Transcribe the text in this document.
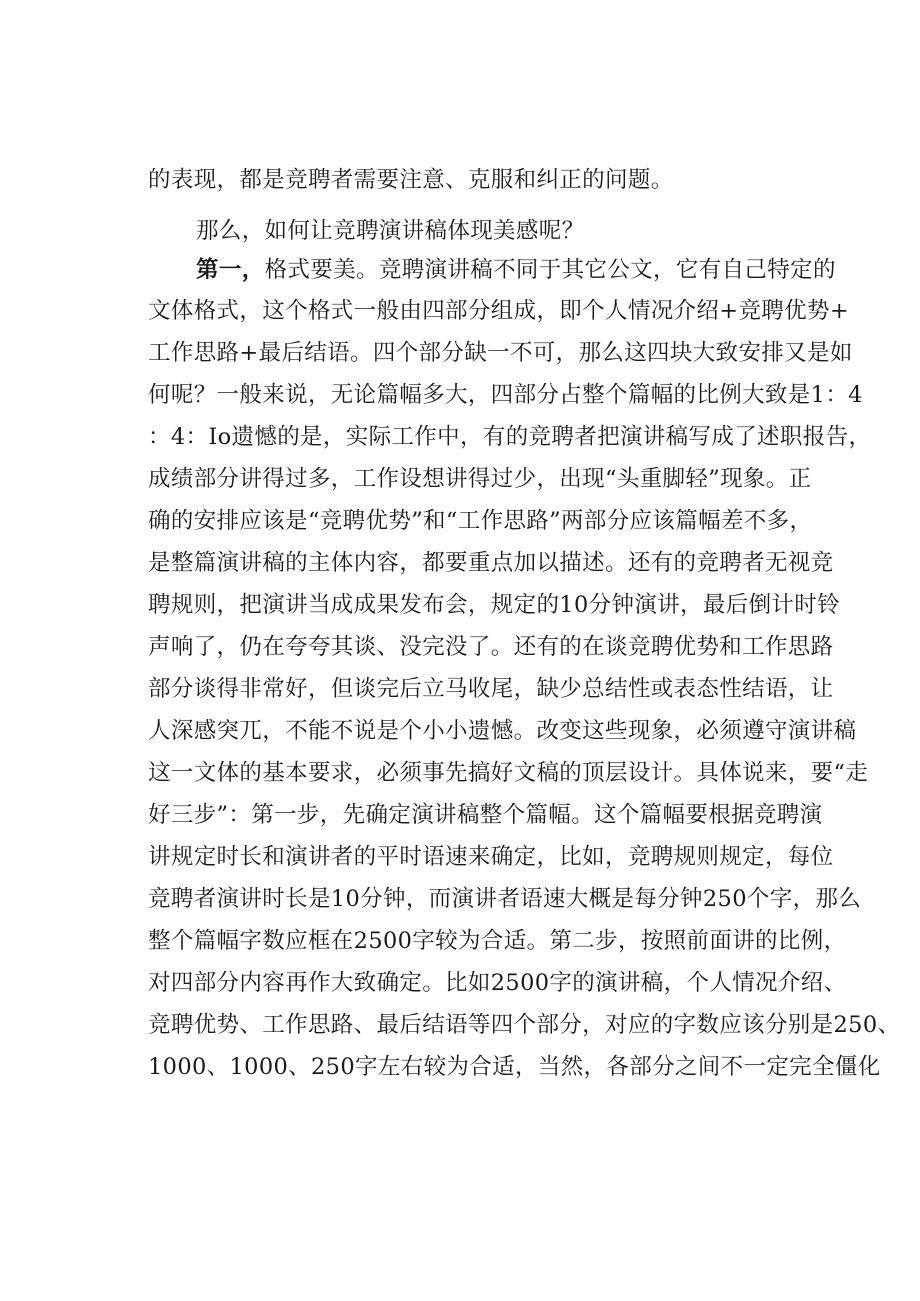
的表现，都是竞聘者需要注意、克服和纠正的问题。
那么，如何让竞聘演讲稿体现美感呢？
第一，格式要美。竞聘演讲稿不同于其它公文，它有自己特定的
文体格式，这个格式一般由四部分组成，即个人情况介绍+竞聘优势+
工作思路+最后结语。四个部分缺一不可，那么这四块大致安排又是如
何呢？一般来说，无论篇幅多大，四部分占整个篇幅的比例大致是1：4
：4：Io遗憾的是，实际工作中，有的竞聘者把演讲稿写成了述职报告，
成绩部分讲得过多，工作设想讲得过少，出现“头重脚轻”现象。正
确的安排应该是“竞聘优势”和“工作思路”两部分应该篇幅差不多，
是整篇演讲稿的主体内容，都要重点加以描述。还有的竞聘者无视竞
聘规则，把演讲当成成果发布会，规定的10分钟演讲，最后倒计时铃
声响了，仍在夸夸其谈、没完没了。还有的在谈竞聘优势和工作思路
部分谈得非常好，但谈完后立马收尾，缺少总结性或表态性结语，让
人深感突兀，不能不说是个小小遗憾。改变这些现象，必须遵守演讲稿
这一文体的基本要求，必须事先搞好文稿的顶层设计。具体说来，要“走
好三步”：第一步，先确定演讲稿整个篇幅。这个篇幅要根据竞聘演
讲规定时长和演讲者的平时语速来确定，比如，竞聘规则规定，每位
竞聘者演讲时长是10分钟，而演讲者语速大概是每分钟250个字，那么
整个篇幅字数应框在2500字较为合适。第二步，按照前面讲的比例，
对四部分内容再作大致确定。比如2500字的演讲稿，个人情况介绍、
竞聘优势、工作思路、最后结语等四个部分，对应的字数应该分别是250、
1000、1000、250字左右较为合适，当然，各部分之间不一定完全僵化
